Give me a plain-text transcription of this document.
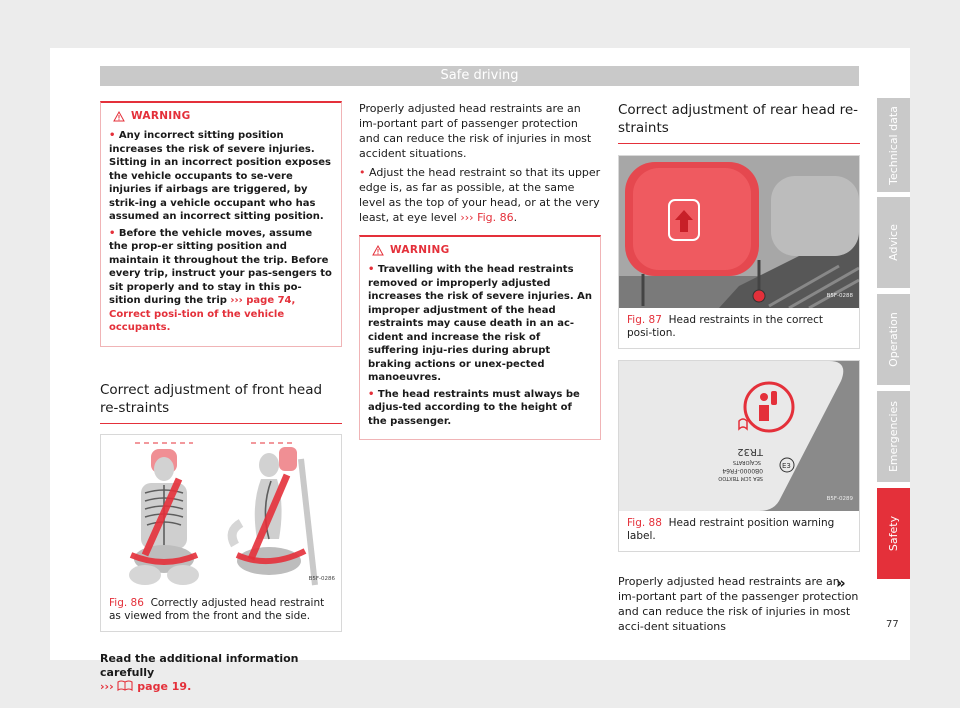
Safe driving
WARNING

• Any incorrect sitting position increases the risk of severe injuries. Sitting in an incorrect position exposes the vehicle occupants to se-vere injuries if airbags are triggered, by strik-ing a vehicle occupant who has assumed an incorrect sitting position.

• Before the vehicle moves, assume the prop-er sitting position and maintain it throughout the trip. Before every trip, instruct your pas-sengers to sit properly and to stay in this po-sition during the trip ››› page 74, Correct posi-tion of the vehicle occupants.

Correct adjustment of front head re-straints
B5F-0286

Fig. 86 Correctly adjusted head restraint as viewed from the front and the side.

Read the additional information carefully
››› page 19.

Properly adjusted head restraints are an im-portant part of passenger protection and can reduce the risk of injuries in most accident situations.

• Adjust the head restraint so that its upper edge is, as far as possible, at the same level as the top of your head, or at the very least, at eye level ››› Fig. 86.

WARNING

• Travelling with the head restraints removed or improperly adjusted increases the risk of severe injuries. An improper adjustment of the head restraints may cause death in an ac-cident and increase the risk of suffering inju-ries during abrupt braking actions or unex-pected manoeuvres.

• The head restraints must always be adjus-ted according to the height of the passenger.

Correct adjustment of rear head re-straints
B5F-0288

Fig. 87 Head restraints in the correct posi-tion.

TR32
SCAJORATS
0B0000-FR64
SEA 1CM TBXTOO
E3
B5F-0289

Fig. 88 Head restraint position warning label.

Properly adjusted head restraints are an im-portant part of the passenger protection and can reduce the risk of injuries in most acci-dent situations

»
Technical data
Advice
Operation
Emergencies
Safety
77
